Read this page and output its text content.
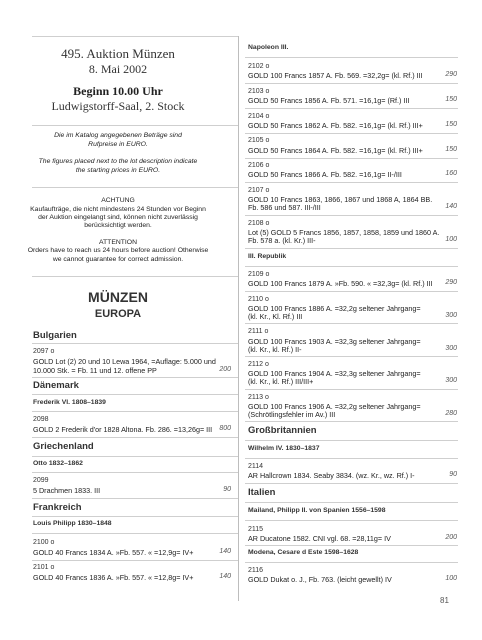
495. Auktion Münzen
8. Mai 2002
Beginn 10.00 Uhr
Ludwigstorff-Saal, 2. Stock
Die im Katalog angegebenen Beträge sind
Rufpreise in EURO.
The figures placed next to the lot description indicate
the starting prices in EURO.
ACHTUNG
Kaufaufträge, die nicht mindestens 24 Stunden vor Beginn
der Auktion eingelangt sind, können nicht zuverlässig
berücksichtigt werden.
ATTENTION
Orders have to reach us 24 hours before auction! Otherwise
we cannot guarantee for correct admission.
MÜNZEN
EUROPA
Bulgarien
2097 o
GOLD Lot (2) 20 und 10 Lewa 1964, =Auflage: 5.000 und
10.000 Stk. = Fb. 11 und 12. offene PP	200
Dänemark
Frederik VI. 1808–1839
2098
GOLD 2 Frederik d'or 1828 Altona. Fb. 286. =13,26g= III	800
Griechenland
Otto 1832–1862
2099
5 Drachmen 1833. III	90
Frankreich
Louis Philipp 1830–1848
2100 o
GOLD 40 Francs 1834 A. »Fb. 557. « =12,9g= IV+	140
2101 o
GOLD 40 Francs 1836 A. »Fb. 557. « =12,8g= IV+	140
Napoleon III.
2102 o
GOLD 100 Francs 1857 A. Fb. 569. =32,2g= (kl. Rf.) III	290
2103 o
GOLD 50 Francs 1856 A. Fb. 571. =16,1g= (Rf.) III	150
2104 o
GOLD 50 Francs 1862 A. Fb. 582. =16,1g= (kl. Rf.) III+	150
2105 o
GOLD 50 Francs 1864 A. Fb. 582. =16,1g= (kl. Rf.) III+	150
2106 o
GOLD 50 Francs 1866 A. Fb. 582. =16,1g= II-/III	160
2107 o
GOLD 10 Francs 1863, 1866, 1867 und 1868 A, 1864 BB.
Fb. 586 und 587. III-/III	140
2108 o
Lot (5) GOLD 5 Francs 1856, 1857, 1858, 1859 und 1860 A.
Fb. 578 a. (kl. Kr.) III-	100
III. Republik
2109 o
GOLD 100 Francs 1879 A. »Fb. 590. « =32,3g= (kl. Rf.) III	290
2110 o
GOLD 100 Francs 1886 A. =32,2g seltener Jahrgang=
(kl. Kr., Kl. Rf.) III	300
2111 o
GOLD 100 Francs 1903 A. =32,3g seltener Jahrgang=
(kl. Kr., kl. Rf.) II-	300
2112 o
GOLD 100 Francs 1904 A. =32,3g seltener Jahrgang=
(kl. Kr., kl. Rf.) III/III+	300
2113 o
GOLD 100 Francs 1906 A. =32,2g seltener Jahrgang=
(Schrötlingsfehler im Av.) III	280
Großbritannien
Wilhelm IV. 1830–1837
2114
AR Hallcrown 1834. Seaby 3834. (wz. Kr., wz. Rf.) I-	90
Italien
Mailand, Philipp II. von Spanien 1556–1598
2115
AR Ducatone 1582. CNI vgl. 68. =28,11g= IV	200
Modena, Cesare d Este 1598–1628
2116
GOLD Dukat o. J., Fb. 763. (leicht gewellt) IV	100
81
